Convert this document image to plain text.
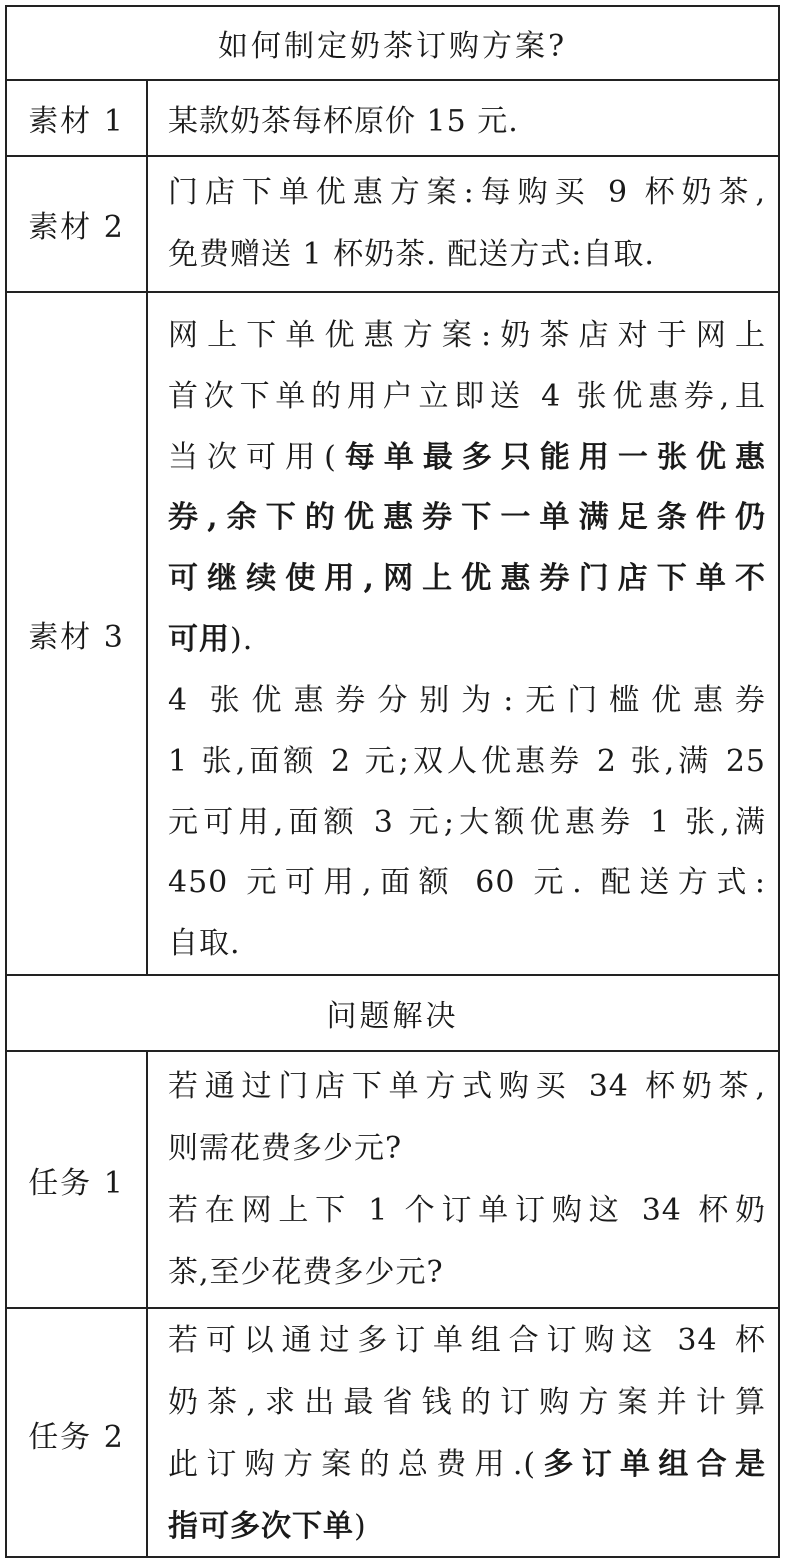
如何制定奶茶订购方案?
素材 1	某款奶茶每杯原价 15 元.
素材 2
门店下单优惠方案:每购买 9 杯奶茶,
免费赠送 1 杯奶茶. 配送方式:自取.
素材 3
网上下单优惠方案:奶茶店对于网上
首次下单的用户立即送 4 张优惠券,且
当次可用(每单最多只能用一张优惠
券,余下的优惠券下一单满足条件仍
可继续使用,网上优惠券门店下单不
可用).
4 张优惠券分别为:无门槛优惠券
1 张,面额 2 元;双人优惠券 2 张,满 25
元可用,面额 3 元;大额优惠券 1 张,满
450 元可用,面额 60 元. 配送方式:
自取.
问题解决
任务 1
若通过门店下单方式购买 34 杯奶茶,
则需花费多少元?
若在网上下 1 个订单订购这 34 杯奶
茶,至少花费多少元?
任务 2
若可以通过多订单组合订购这 34 杯
奶茶,求出最省钱的订购方案并计算
此订购方案的总费用.(多订单组合是
指可多次下单)
